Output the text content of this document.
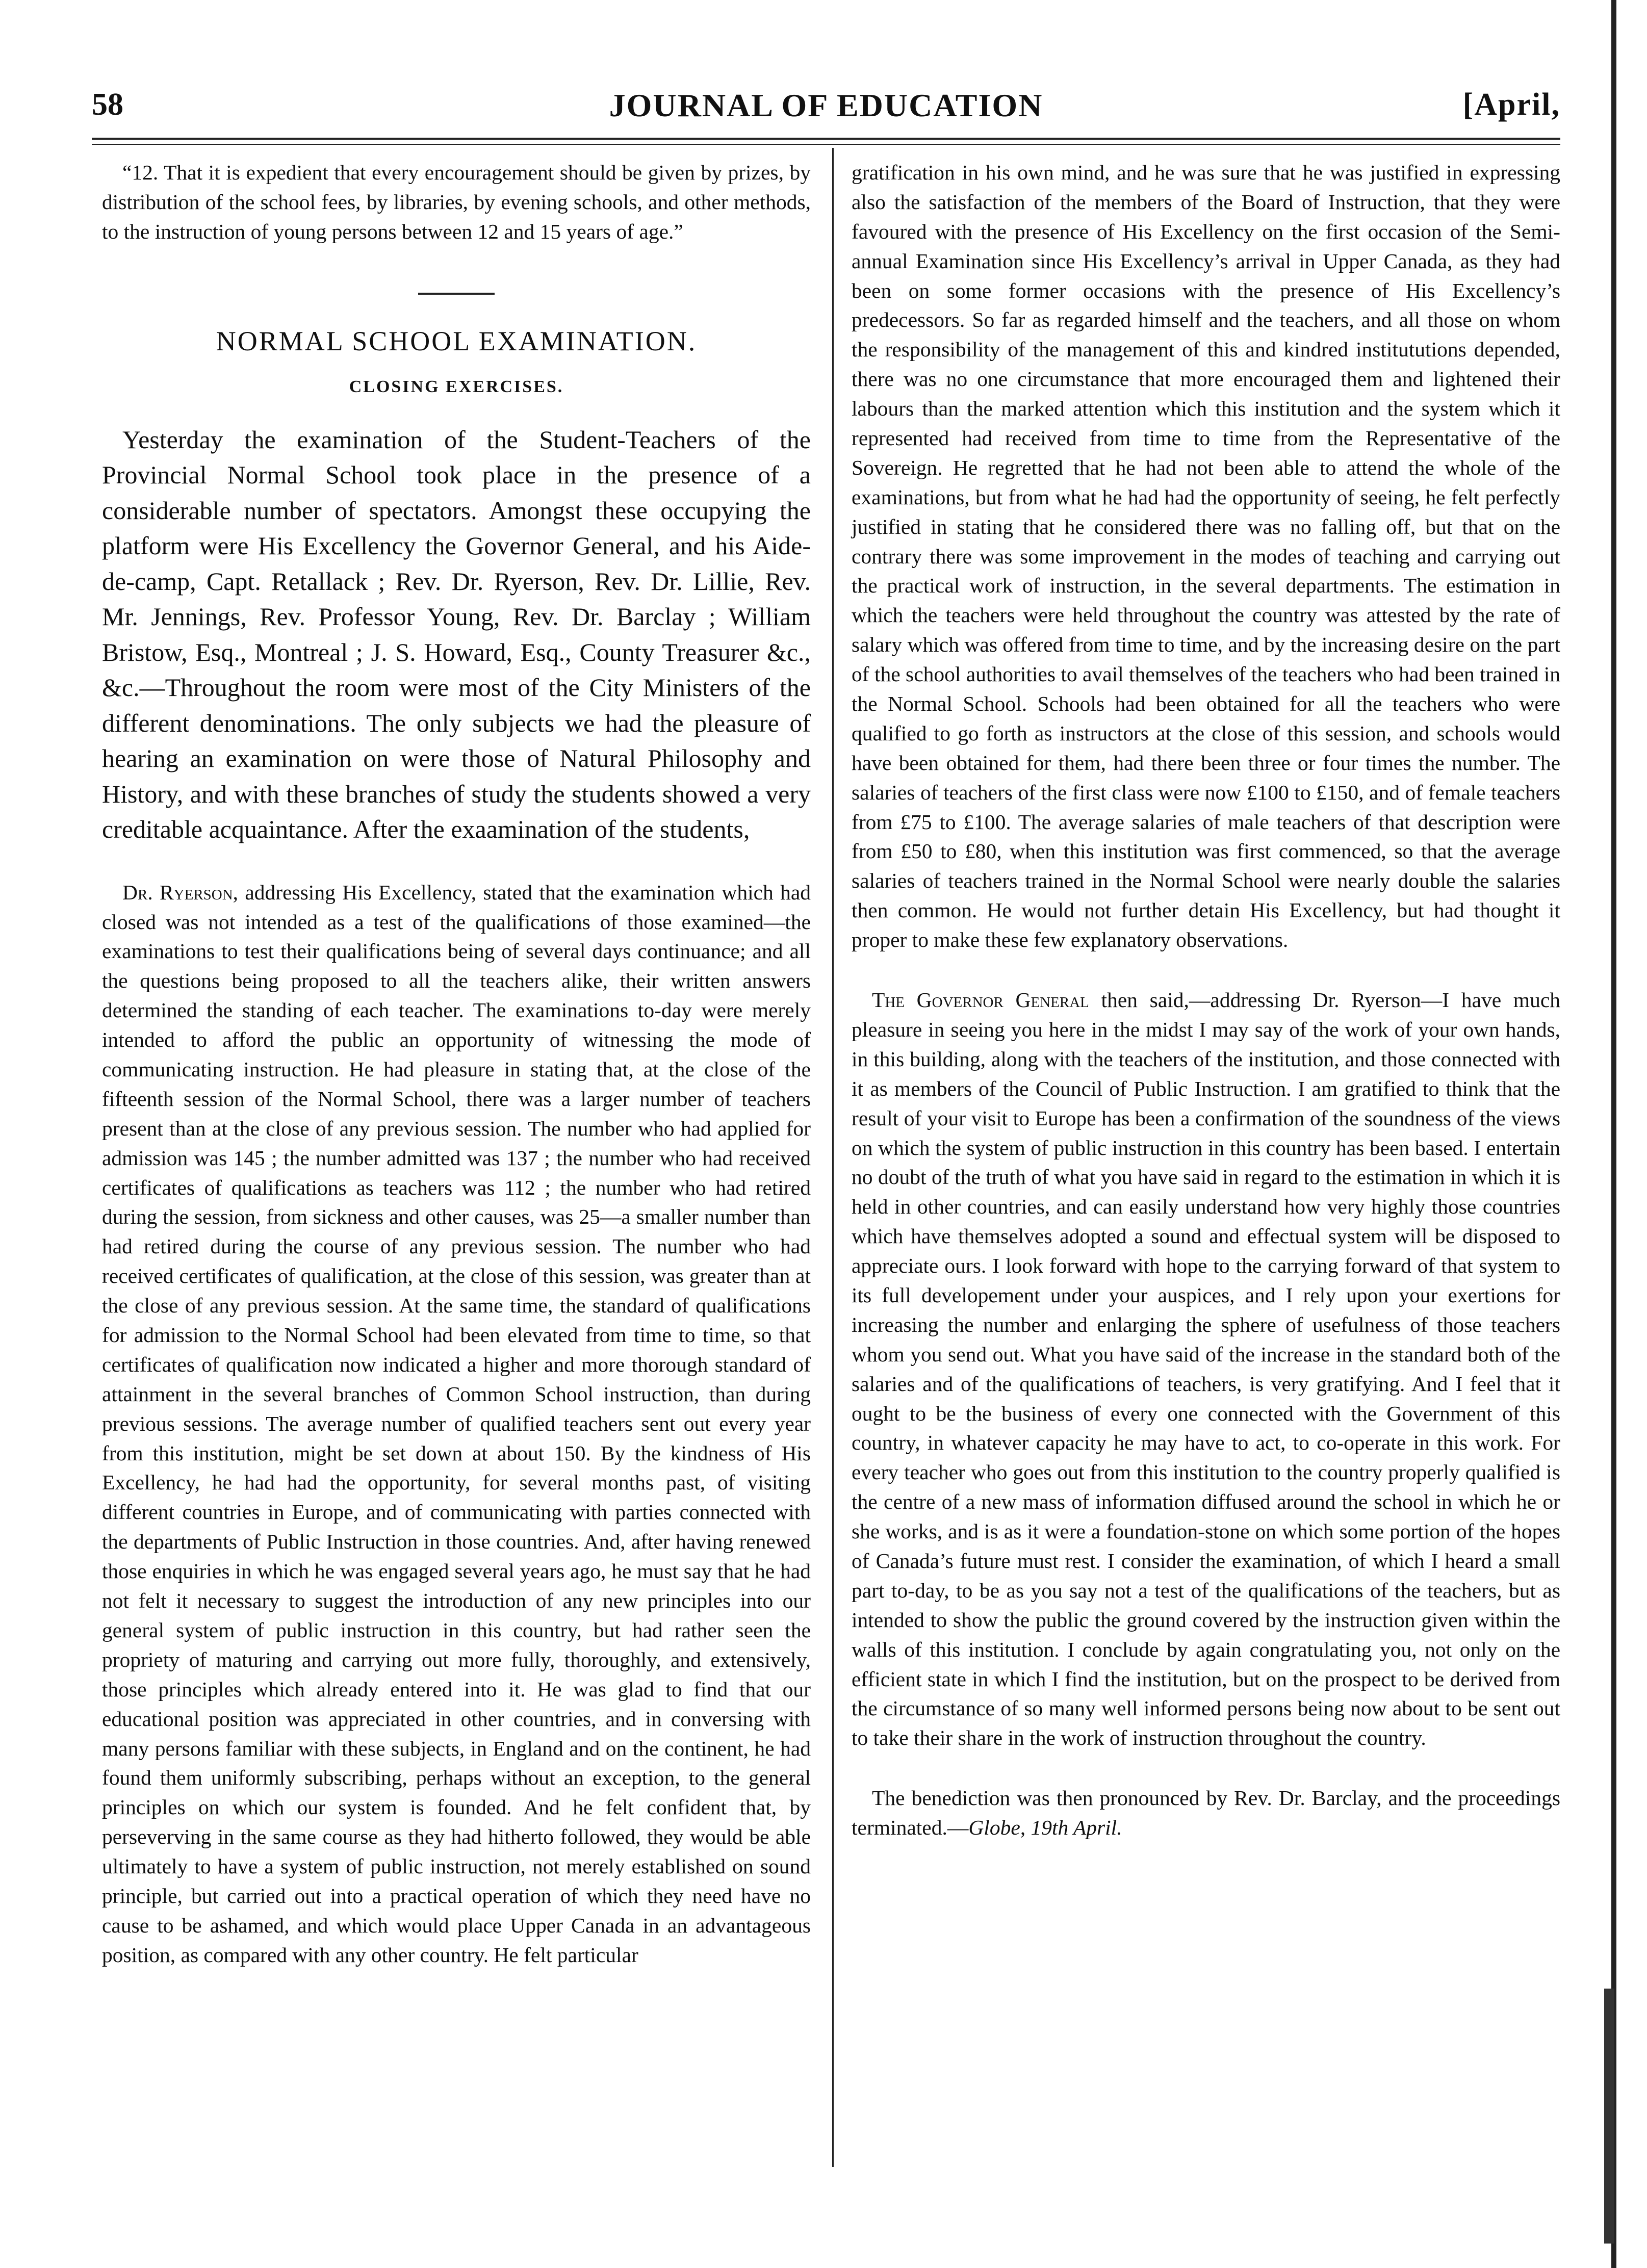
JOURNAL OF EDUCATION
58	[April,

“12. That it is expedient that every encouragement should be given by prizes, by distribution of the school fees, by libraries, by evening schools, and other methods, to the instruction of young persons between 12 and 15 years of age.”

NORMAL SCHOOL EXAMINATION.
CLOSING EXERCISES.

Yesterday the examination of the Student-Teachers of the Provincial Normal School took place in the presence of a considerable number of spectators. Amongst these occupying the platform were His Excellency the Governor General, and his Aide-de-camp, Capt. Retallack ; Rev. Dr. Ryerson, Rev. Dr. Lillie, Rev. Mr. Jennings, Rev. Professor Young, Rev. Dr. Barclay ; William Bristow, Esq., Montreal ; J. S. Howard, Esq., County Treasurer &c., &c.—Throughout the room were most of the City Ministers of the different denominations. The only subjects we had the pleasure of hearing an examination on were those of Natural Philosophy and History, and with these branches of study the students showed a very creditable acquaintance. After the exaamination of the students,

Dr. Ryerson, addressing His Excellency, stated that the examination which had closed was not intended as a test of the qualifications of those examined—the examinations to test their qualifications being of several days continuance; and all the questions being proposed to all the teachers alike, their written answers determined the standing of each teacher. The examinations to-day were merely intended to afford the public an opportunity of witnessing the mode of communicating instruction. He had pleasure in stating that, at the close of the fifteenth session of the Normal School, there was a larger number of teachers present than at the close of any previous session. The number who had applied for admission was 145 ; the number admitted was 137 ; the number who had received certificates of qualifications as teachers was 112 ; the number who had retired during the session, from sickness and other causes, was 25—a smaller number than had retired during the course of any previous session. The number who had received certificates of qualification, at the close of this session, was greater than at the close of any previous session. At the same time, the standard of qualifications for admission to the Normal School had been elevated from time to time, so that certificates of qualification now indicated a higher and more thorough standard of attainment in the several branches of Common School instruction, than during previous sessions. The average number of qualified teachers sent out every year from this institution, might be set down at about 150. By the kindness of His Excellency, he had had the opportunity, for several months past, of visiting different countries in Europe, and of communicating with parties connected with the departments of Public Instruction in those countries. And, after having renewed those enquiries in which he was engaged several years ago, he must say that he had not felt it necessary to suggest the introduction of any new principles into our general system of public instruction in this country, but had rather seen the propriety of maturing and carrying out more fully, thoroughly, and extensively, those principles which already entered into it. He was glad to find that our educational position was appreciated in other countries, and in conversing with many persons familiar with these subjects, in England and on the continent, he had found them uniformly subscribing, perhaps without an exception, to the general principles on which our system is founded. And he felt confident that, by perseverving in the same course as they had hitherto followed, they would be able ultimately to have a system of public instruction, not merely established on sound principle, but carried out into a practical operation of which they need have no cause to be ashamed, and which would place Upper Canada in an advantageous position, as compared with any other country. He felt particular

gratification in his own mind, and he was sure that he was justified in expressing also the satisfaction of the members of the Board of Instruction, that they were favoured with the presence of His Excellency on the first occasion of the Semi-annual Examination since His Excellency’s arrival in Upper Canada, as they had been on some former occasions with the presence of His Excellency’s predecessors. So far as regarded himself and the teachers, and all those on whom the responsibility of the management of this and kindred institututions depended, there was no one circumstance that more encouraged them and lightened their labours than the marked attention which this institution and the system which it represented had received from time to time from the Representative of the Sovereign. He regretted that he had not been able to attend the whole of the examinations, but from what he had had the opportunity of seeing, he felt perfectly justified in stating that he considered there was no falling off, but that on the contrary there was some improvement in the modes of teaching and carrying out the practical work of instruction, in the several departments. The estimation in which the teachers were held throughout the country was attested by the rate of salary which was offered from time to time, and by the increasing desire on the part of the school authorities to avail themselves of the teachers who had been trained in the Normal School. Schools had been obtained for all the teachers who were qualified to go forth as instructors at the close of this session, and schools would have been obtained for them, had there been three or four times the number. The salaries of teachers of the first class were now £100 to £150, and of female teachers from £75 to £100. The average salaries of male teachers of that description were from £50 to £80, when this institution was first commenced, so that the average salaries of teachers trained in the Normal School were nearly double the salaries then common. He would not further detain His Excellency, but had thought it proper to make these few explanatory observations.

The Governor General then said,—addressing Dr. Ryerson—I have much pleasure in seeing you here in the midst I may say of the work of your own hands, in this building, along with the teachers of the institution, and those connected with it as members of the Council of Public Instruction. I am gratified to think that the result of your visit to Europe has been a confirmation of the soundness of the views on which the system of public instruction in this country has been based. I entertain no doubt of the truth of what you have said in regard to the estimation in which it is held in other countries, and can easily understand how very highly those countries which have themselves adopted a sound and effectual system will be disposed to appreciate ours. I look forward with hope to the carrying forward of that system to its full developement under your auspices, and I rely upon your exertions for increasing the number and enlarging the sphere of usefulness of those teachers whom you send out. What you have said of the increase in the standard both of the salaries and of the qualifications of teachers, is very gratifying. And I feel that it ought to be the business of every one connected with the Government of this country, in whatever capacity he may have to act, to co-operate in this work. For every teacher who goes out from this institution to the country properly qualified is the centre of a new mass of information diffused around the school in which he or she works, and is as it were a foundation-stone on which some portion of the hopes of Canada’s future must rest. I consider the examination, of which I heard a small part to-day, to be as you say not a test of the qualifications of the teachers, but as intended to show the public the ground covered by the instruction given within the walls of this institution. I conclude by again congratulating you, not only on the efficient state in which I find the institution, but on the prospect to be derived from the circumstance of so many well informed persons being now about to be sent out to take their share in the work of instruction throughout the country.

The benediction was then pronounced by Rev. Dr. Barclay, and the proceedings terminated.—Globe, 19th April.
